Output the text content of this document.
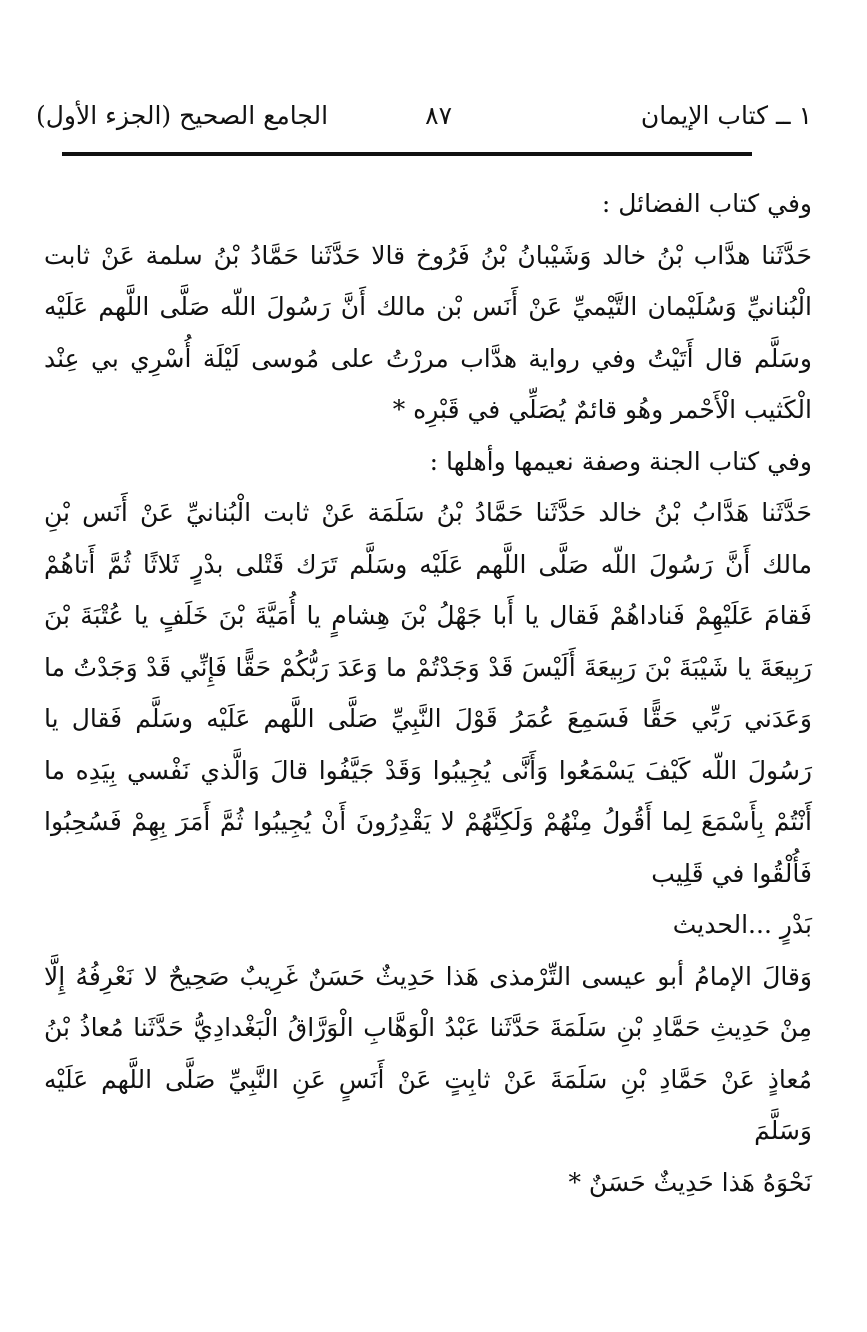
١ ــ كتاب الإيمان
٨٧
الجامع الصحيح (الجزء الأول)

وفي كتاب الفضائل :

حَدَّثَنا هدَّاب بْنُ خالد وَشَيْبانُ بْنُ فَرُوخ قالا حَدَّثَنا حَمَّادُ بْنُ سلمة عَنْ ثابت الْبُنانيِّ وَسُلَيْمان التَّيْميِّ عَنْ أَنَس بْن مالك أَنَّ رَسُولَ اللّه صَلَّى اللَّهم عَلَيْه وسَلَّم قال أَتَيْتُ وفي رواية هدَّاب مررْتُ على مُوسى لَيْلَة أُسْرِي بي عِنْد الْكَثيب الْأَحْمر وهُو قائمٌ يُصَلِّي في قَبْرِه *

وفي كتاب الجنة وصفة نعيمها وأهلها :

حَدَّثَنا هَدَّابُ بْنُ خالد حَدَّثَنا حَمَّادُ بْنُ سَلَمَة عَنْ ثابت الْبُنانيِّ عَنْ أَنَس بْنِ مالك أَنَّ رَسُولَ اللّه صَلَّى اللَّهم عَلَيْه وسَلَّم تَرَك قَتْلى بدْرٍ ثَلاثًا ثُمَّ أَتاهُمْ فَقامَ عَلَيْهِمْ فَناداهُمْ فَقال يا أَبا جَهْلُ بْنَ هِشامٍ يا أُمَيَّةَ بْنَ خَلَفٍ يا عُتْبَةَ بْنَ رَبِيعَةَ يا شَيْبَةَ بْنَ رَبِيعَةَ أَلَيْسَ قَدْ وَجَدْتُمْ ما وَعَدَ رَبُّكُمْ حَقًّا فَإِنِّي قَدْ وَجَدْتُ ما وَعَدَني رَبِّي حَقًّا فَسَمِعَ عُمَرُ قَوْلَ النَّبِيِّ صَلَّى اللَّهم عَلَيْه وسَلَّم فَقال يا رَسُولَ اللّه كَيْفَ يَسْمَعُوا وَأَنَّى يُجِيبُوا وَقَدْ جَيَّفُوا قالَ وَالَّذي نَفْسي بِيَدِه ما أَنْتُمْ بِأَسْمَعَ لِما أَقُولُ مِنْهُمْ وَلَكِنَّهُمْ لا يَقْدِرُونَ أَنْ يُجِيبُوا ثُمَّ أَمَرَ بِهِمْ فَسُحِبُوا فَأُلْقُوا في قَلِيب

بَدْرٍ ...الحديث

وَقالَ الإمامُ أبو عيسى التِّرْمذى هَذا حَدِيثٌ حَسَنٌ غَرِيبٌ صَحِيحٌ لا نَعْرِفُهُ إِلَّا مِنْ حَدِيثِ حَمَّادِ بْنِ سَلَمَةَ حَدَّثَنا عَبْدُ الْوَهَّابِ الْوَرَّاقُ الْبَغْدادِيُّ حَدَّثَنا مُعاذُ بْنُ مُعاذٍ عَنْ حَمَّادِ بْنِ سَلَمَةَ عَنْ ثابِتٍ عَنْ أَنَسٍ عَنِ النَّبِيِّ صَلَّى اللَّهم عَلَيْه وَسَلَّمَ

نَحْوَهُ هَذا حَدِيثٌ حَسَنٌ *
